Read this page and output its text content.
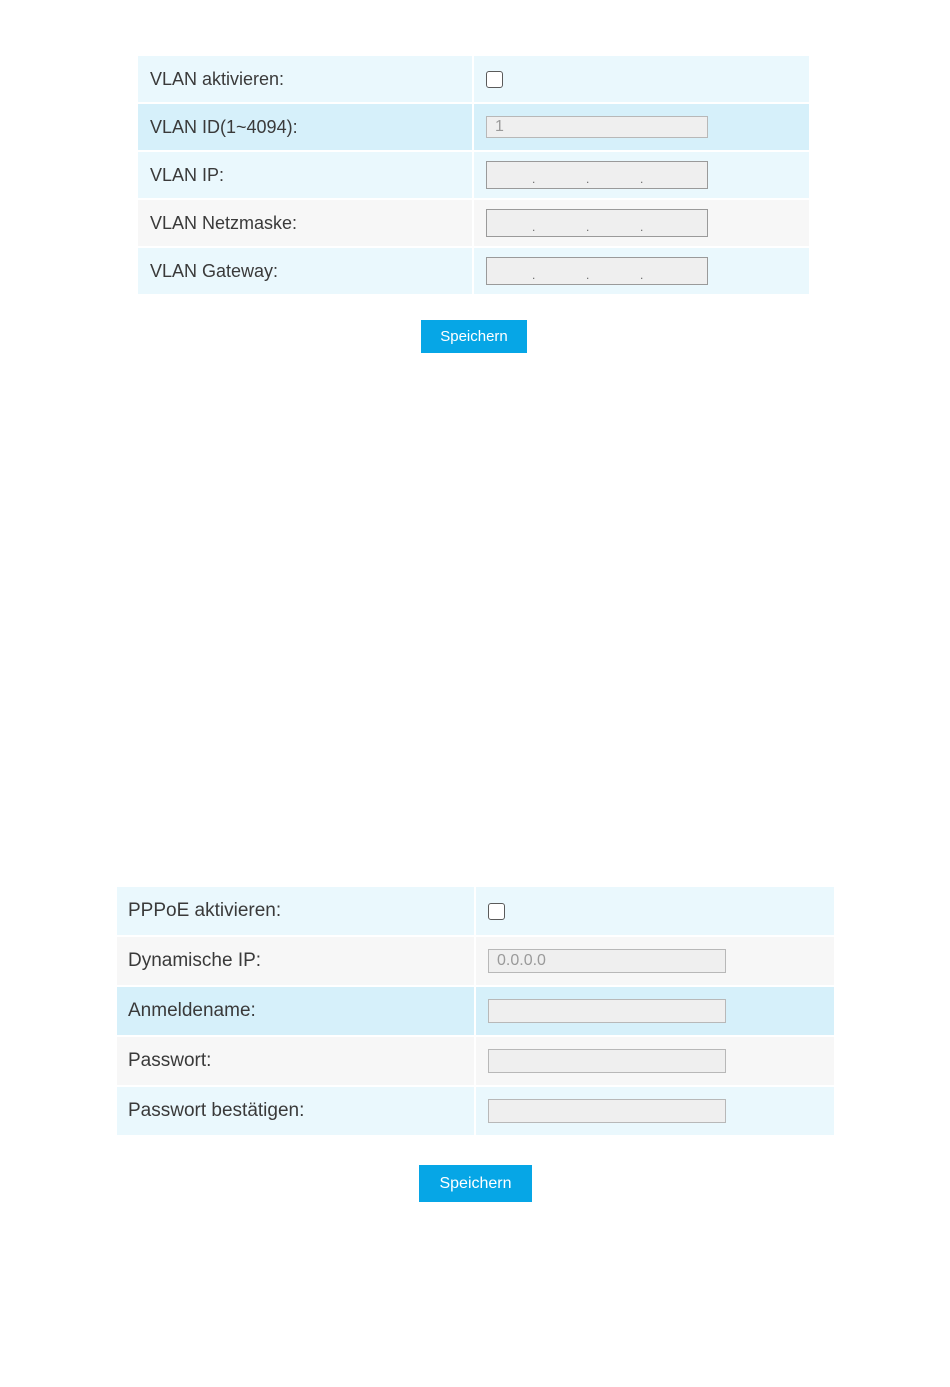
VLAN aktivieren:
VLAN ID(1~4094):	1
VLAN IP:	.	.	.
VLAN Netzmaske:	.	.	.
VLAN Gateway:	.	.	.
Speichern
PPPoE aktivieren:
Dynamische IP:	0.0.0.0
Anmeldename:
Passwort:
Passwort bestätigen:
Speichern
